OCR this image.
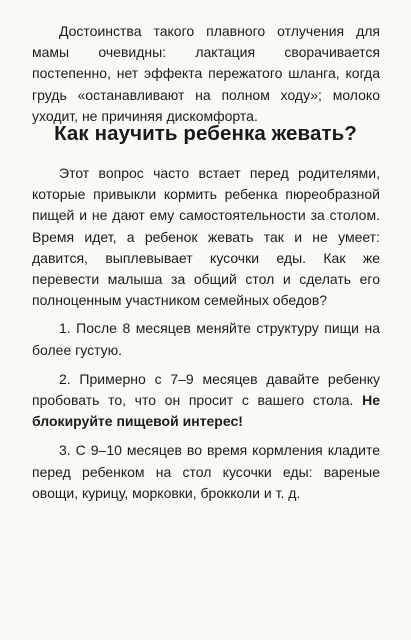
Достоинства такого плавного отлучения для мамы очевидны: лактация сворачивается постепенно, нет эффекта пережатого шланга, когда грудь «останавливают на полном ходу»; молоко уходит, не причиняя дискомфорта.

Как научить ребенка жевать?

Этот вопрос часто встает перед родителями, которые привыкли кормить ребенка пюреобразной пищей и не дают ему самостоятельности за столом. Время идет, а ребенок жевать так и не умеет: давится, выплевывает кусочки еды. Как же перевести малыша за общий стол и сделать его полноценным участником семейных обедов?

1. После 8 месяцев меняйте структуру пищи на более густую.

2. Примерно с 7–9 месяцев давайте ребенку пробовать то, что он просит с вашего стола. Не блокируйте пищевой интерес!

3. С 9–10 месяцев во время кормления кладите перед ребенком на стол кусочки еды: вареные овощи, курицу, морковки, брокколи и т. д.
